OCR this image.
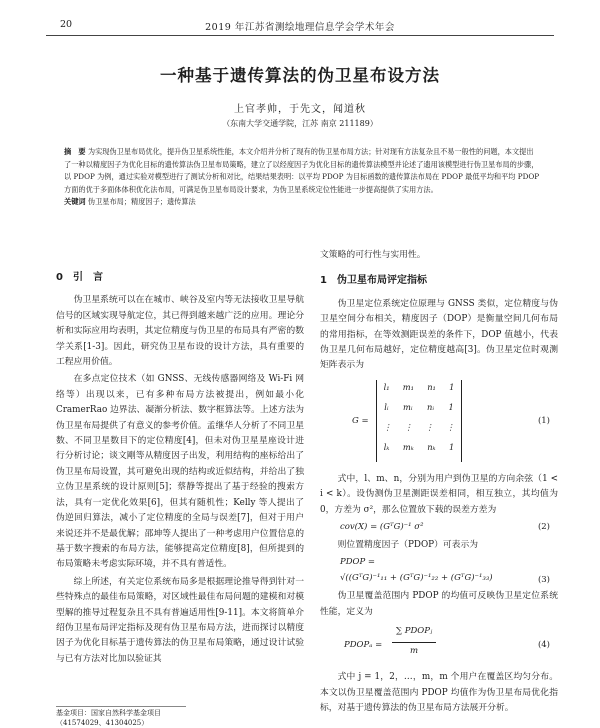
20	2019 年江苏省测绘地理信息学会学术年会
一种基于遗传算法的伪卫星布设方法
上官孝帅，于先文，闻道秋
（东南大学交通学院，江苏 南京 211189）
摘　要 为实现伪卫星布局优化，提升伪卫星系统性能，本文介绍并分析了现有的伪卫星布局方法；针对现有方法复杂且不易一般性的问题，本文提出了一种以精度因子为优化目标的遗传算法伪卫星布局策略，建立了以经度因子为优化目标的遗传算法模型并论述了遗用该模型进行伪卫星布局的步骤，以 PDOP 为例，通过实验对模型进行了测试分析和对比，结果结果表明：以平均 PDOP 为目标函数的遗传算法布局在 PDOP 最低平均和平均 PDOP 方面的优于多面体体积优化法布局，可满足伪卫星布局设计要求，为伪卫星系统定位性能进一步提高提供了实用方法。
关键词 伪卫星布局；精度因子；遗传算法
0　引　言

伪卫星系统可以在在城市、峡谷及室内等无法接收卫星导航信号的区域实现导航定位，其已得到越来越广泛的应用。理论分析和实际应用均表明，其定位精度与伪卫星的布局具有严密的数学关系[1-3]。因此，研究伪卫星布设的设计方法，具有重要的工程应用价值。

在多点定位技术（如 GNSS、无线传感器网络及 Wi-Fi 网络等）出现以来，已有多种布局方法被提出，例如最小化 CramerRao 边界法、凝渐分析法、数字框算法等。上述方法为伪卫星布局提供了有意义的参考价值。孟继华人分析了不同卫星数、不同卫星数目下的定位精度[4]，但未对伪卫星星座设计进行分析讨论；谈文剛等从精度因子出发，利用结构的座标给出了伪卫星布局设置，其可避免出现的结构或近似结构，并给出了独立伪卫星系统的设计原则[5]；蔡静等提出了基于经验的搜索方法，具有一定优化效果[6]，但其有随机性；Kelly 等人提出了伪逆回归算法，减小了定位精度的全局与误差[7]，但对于用户来说还并不是最优解；邵坤等人提出了一种考虑用户位置信息的基于数字搜索的布局方法，能够提高定位精度[8]，但所提到的布局策略未考虑实际环境，并不具有普适性。

综上所述，有关定位系统布局多是根据理论推导得到针对一些特殊点的最佳布局策略，对区域性最佳布局问题的建模和对模型解的推导过程复杂且不具有普遍适用性[9-11]。本文将简单介绍伪卫星布局评定指标及现有伪卫星布局方法，进而探讨以精度因子为优化目标基于遗传算法的伪卫星布局策略，通过设计试验与已有方法对比加以验证其

文策略的可行性与实用性。

1　伪卫星布局评定指标

伪卫星定位系统定位原理与 GNSS 类似，定位精度与伪卫星空间分布相关，精度因子（DOP）是衡量空间几何布局的常用指标，在等效测距误差的条件下，DOP 值越小，代表伪卫星几何布局越好，定位精度越高[3]。伪卫星定位时观测矩阵表示为

G =
l₁ m₁ n₁ 1
lᵢ mᵢ nᵢ 1
⋮ ⋮ ⋮ ⋮
lₖ mₖ nₖ 1
(1)

式中，l、m、n，分别为用户到伪卫星的方向余弦（1 < i < k）。设伪测伪卫星测距误差相同，相互独立，其均值为 0，方差为 σ²，那么位置放下载的误差方差为

cov(X) = (GᵀG)⁻¹ σ²	(2)

则位置精度因子（PDOP）可表示为

PDOP =
√((GᵀG)⁻¹₁₁ + (GᵀG)⁻¹₂₂ + (GᵀG)⁻¹₃₃)	(3)

伪卫星覆盖范围内 PDOP 的均值可反映伪卫星定位系统性能，定义为

PDOPₐ =
∑ PDOPⱼ
m
(4)

式中 j = 1，2，…，m，m 个用户在覆盖区均匀分布。本文以伪卫星覆盖范围内 PDOP 均值作为伪卫星布局优化指标，对基于遗传算法的伪卫星布局方法展开分析。

基金项目：国家自然科学基金项目（41574029、41304025）
